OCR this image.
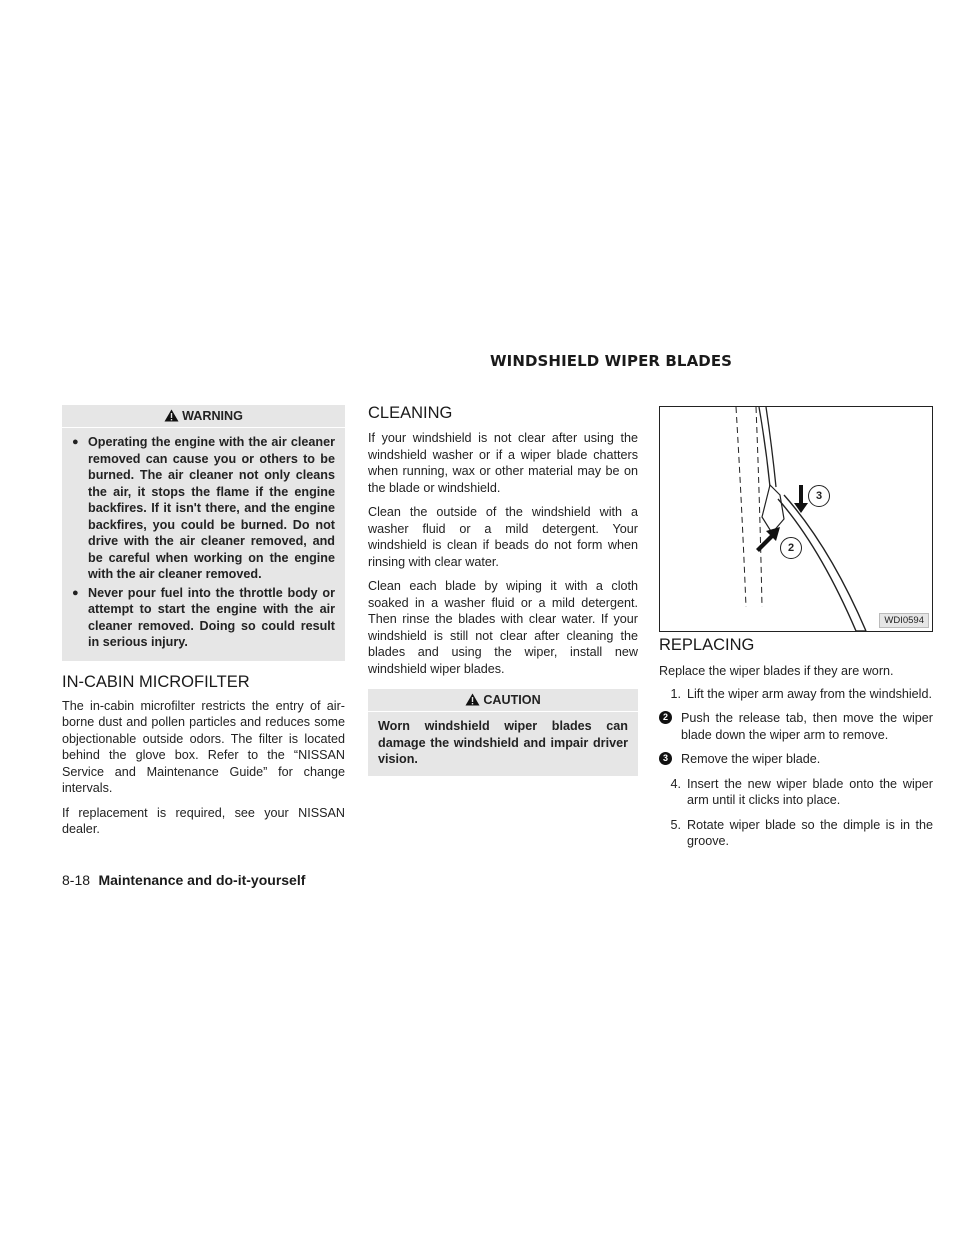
WINDSHIELD WIPER BLADES
WARNING
● Operating the engine with the air cleaner removed can cause you or others to be burned. The air cleaner not only cleans the air, it stops the flame if the engine backfires. If it isn't there, and the engine backfires, you could be burned. Do not drive with the air cleaner removed, and be careful when working on the engine with the air cleaner removed.
● Never pour fuel into the throttle body or attempt to start the engine with the air cleaner removed. Doing so could result in serious injury.
IN-CABIN MICROFILTER

The in-cabin microfilter restricts the entry of air-borne dust and pollen particles and reduces some objectionable outside odors. The filter is located behind the glove box. Refer to the “NISSAN Service and Maintenance Guide” for change intervals.

If replacement is required, see your NISSAN dealer.

CLEANING

If your windshield is not clear after using the windshield washer or if a wiper blade chatters when running, wax or other material may be on the blade or windshield.

Clean the outside of the windshield with a washer fluid or a mild detergent. Your windshield is clean if beads do not form when rinsing with clear water.

Clean each blade by wiping it with a cloth soaked in a washer fluid or a mild detergent. Then rinse the blades with clear water. If your windshield is still not clear after cleaning the blades and using the wiper, install new windshield wiper blades.

CAUTION
Worn windshield wiper blades can damage the windshield and impair driver vision.
3
2
WDI0594
REPLACING

Replace the wiper blades if they are worn.

1. Lift the wiper arm away from the windshield.
2	Push the release tab, then move the wiper blade down the wiper arm to remove.
3	Remove the wiper blade.
4. Insert the new wiper blade onto the wiper arm until it clicks into place.
5. Rotate wiper blade so the dimple is in the groove.
8-18 Maintenance and do-it-yourself
